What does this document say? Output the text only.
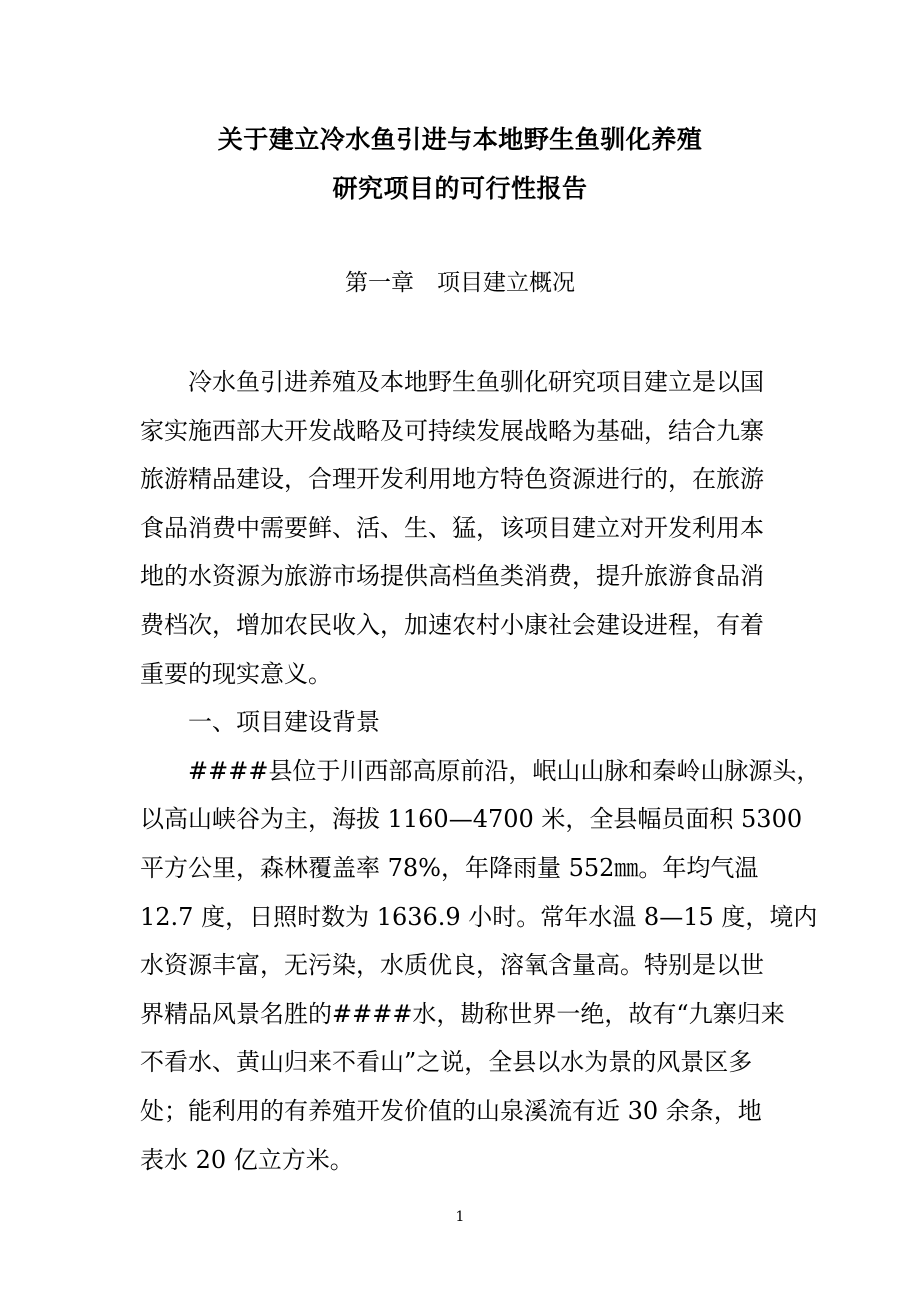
关于建立冷水鱼引进与本地野生鱼驯化养殖
研究项目的可行性报告
第一章　项目建立概况
冷水鱼引进养殖及本地野生鱼驯化研究项目建立是以国
家实施西部大开发战略及可持续发展战略为基础，结合九寨
旅游精品建设，合理开发利用地方特色资源进行的，在旅游
食品消费中需要鲜、活、生、猛，该项目建立对开发利用本
地的水资源为旅游市场提供高档鱼类消费，提升旅游食品消
费档次，增加农民收入，加速农村小康社会建设进程，有着
重要的现实意义。
一、项目建设背景
####县位于川西部高原前沿，岷山山脉和秦岭山脉源头，
以高山峡谷为主，海拔 1160—4700 米，全县幅员面积 5300
平方公里，森林覆盖率 78%，年降雨量 552㎜。年均气温
12.7 度，日照时数为 1636.9 小时。常年水温 8—15 度，境内
水资源丰富，无污染，水质优良，溶氧含量高。特别是以世
界精品风景名胜的####水，勘称世界一绝，故有“九寨归来
不看水、黄山归来不看山”之说，全县以水为景的风景区多
处；能利用的有养殖开发价值的山泉溪流有近 30 余条，地
表水 20 亿立方米。
1
